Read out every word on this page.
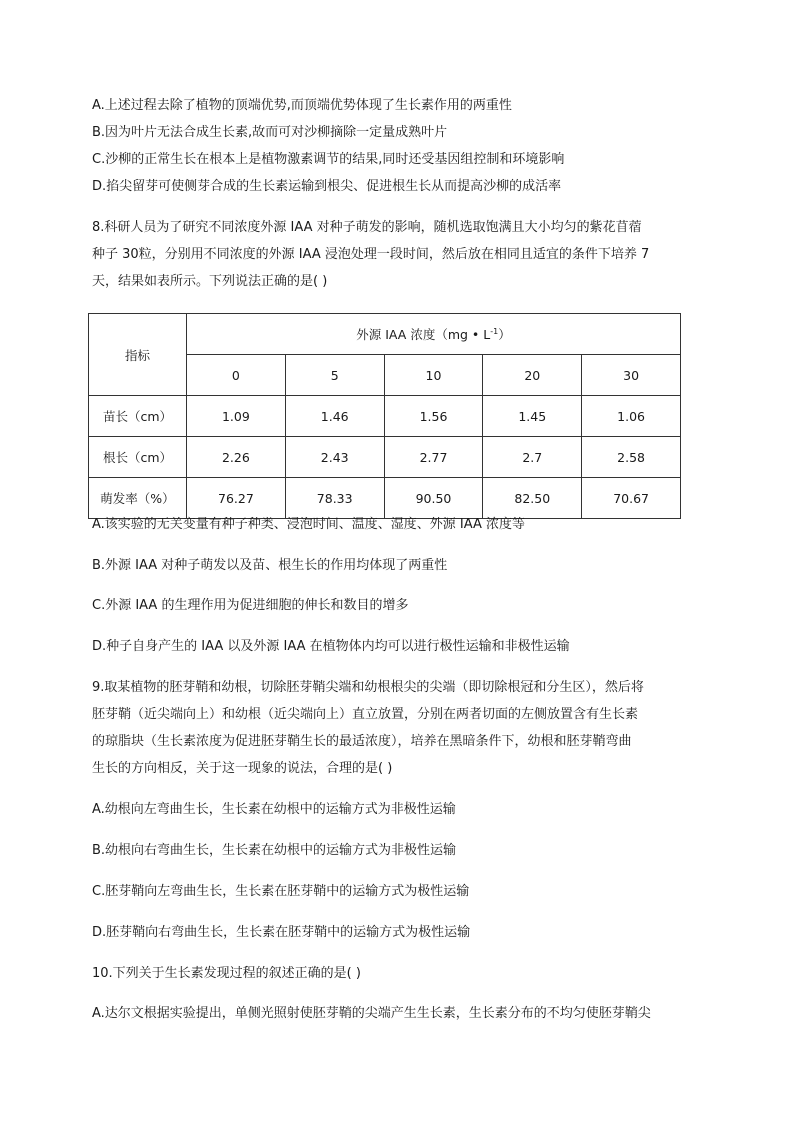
A.上述过程去除了植物的顶端优势,而顶端优势体现了生长素作用的两重性
B.因为叶片无法合成生长素,故而可对沙柳摘除一定量成熟叶片
C.沙柳的正常生长在根本上是植物激素调节的结果,同时还受基因组控制和环境影响
D.掐尖留芽可使侧芽合成的生长素运输到根尖、促进根生长从而提高沙柳的成活率
8.科研人员为了研究不同浓度外源 IAA 对种子萌发的影响，随机选取饱满且大小均匀的紫花苜蓿
种子 30粒，分别用不同浓度的外源 IAA 浸泡处理一段时间，然后放在相同且适宜的条件下培养 7
天，结果如表所示。下列说法正确的是( )
指标	外源 IAA 浓度（mg • $L^{-1}$）				
	0	5	10	20	30
苗长（cm）	1.09	1.46	1.56	1.45	1.06
根长（cm）	2.26	2.43	2.77	2.7	2.58
萌发率（%）	76.27	78.33	90.50	82.50	70.67
A.该实验的无关变量有种子种类、浸泡时间、温度、湿度、外源 IAA 浓度等
B.外源 IAA 对种子萌发以及苗、根生长的作用均体现了两重性
C.外源 IAA 的生理作用为促进细胞的伸长和数目的增多
D.种子自身产生的 IAA 以及外源 IAA 在植物体内均可以进行极性运输和非极性运输
9.取某植物的胚芽鞘和幼根，切除胚芽鞘尖端和幼根根尖的尖端（即切除根冠和分生区），然后将
胚芽鞘（近尖端向上）和幼根（近尖端向上）直立放置，分别在两者切面的左侧放置含有生长素
的琼脂块（生长素浓度为促进胚芽鞘生长的最适浓度），培养在黑暗条件下，幼根和胚芽鞘弯曲
生长的方向相反，关于这一现象的说法，合理的是( )
A.幼根向左弯曲生长，生长素在幼根中的运输方式为非极性运输
B.幼根向右弯曲生长，生长素在幼根中的运输方式为非极性运输
C.胚芽鞘向左弯曲生长，生长素在胚芽鞘中的运输方式为极性运输
D.胚芽鞘向右弯曲生长，生长素在胚芽鞘中的运输方式为极性运输
10.下列关于生长素发现过程的叙述正确的是( )
A.达尔文根据实验提出，单侧光照射使胚芽鞘的尖端产生生长素，生长素分布的不均匀使胚芽鞘尖
